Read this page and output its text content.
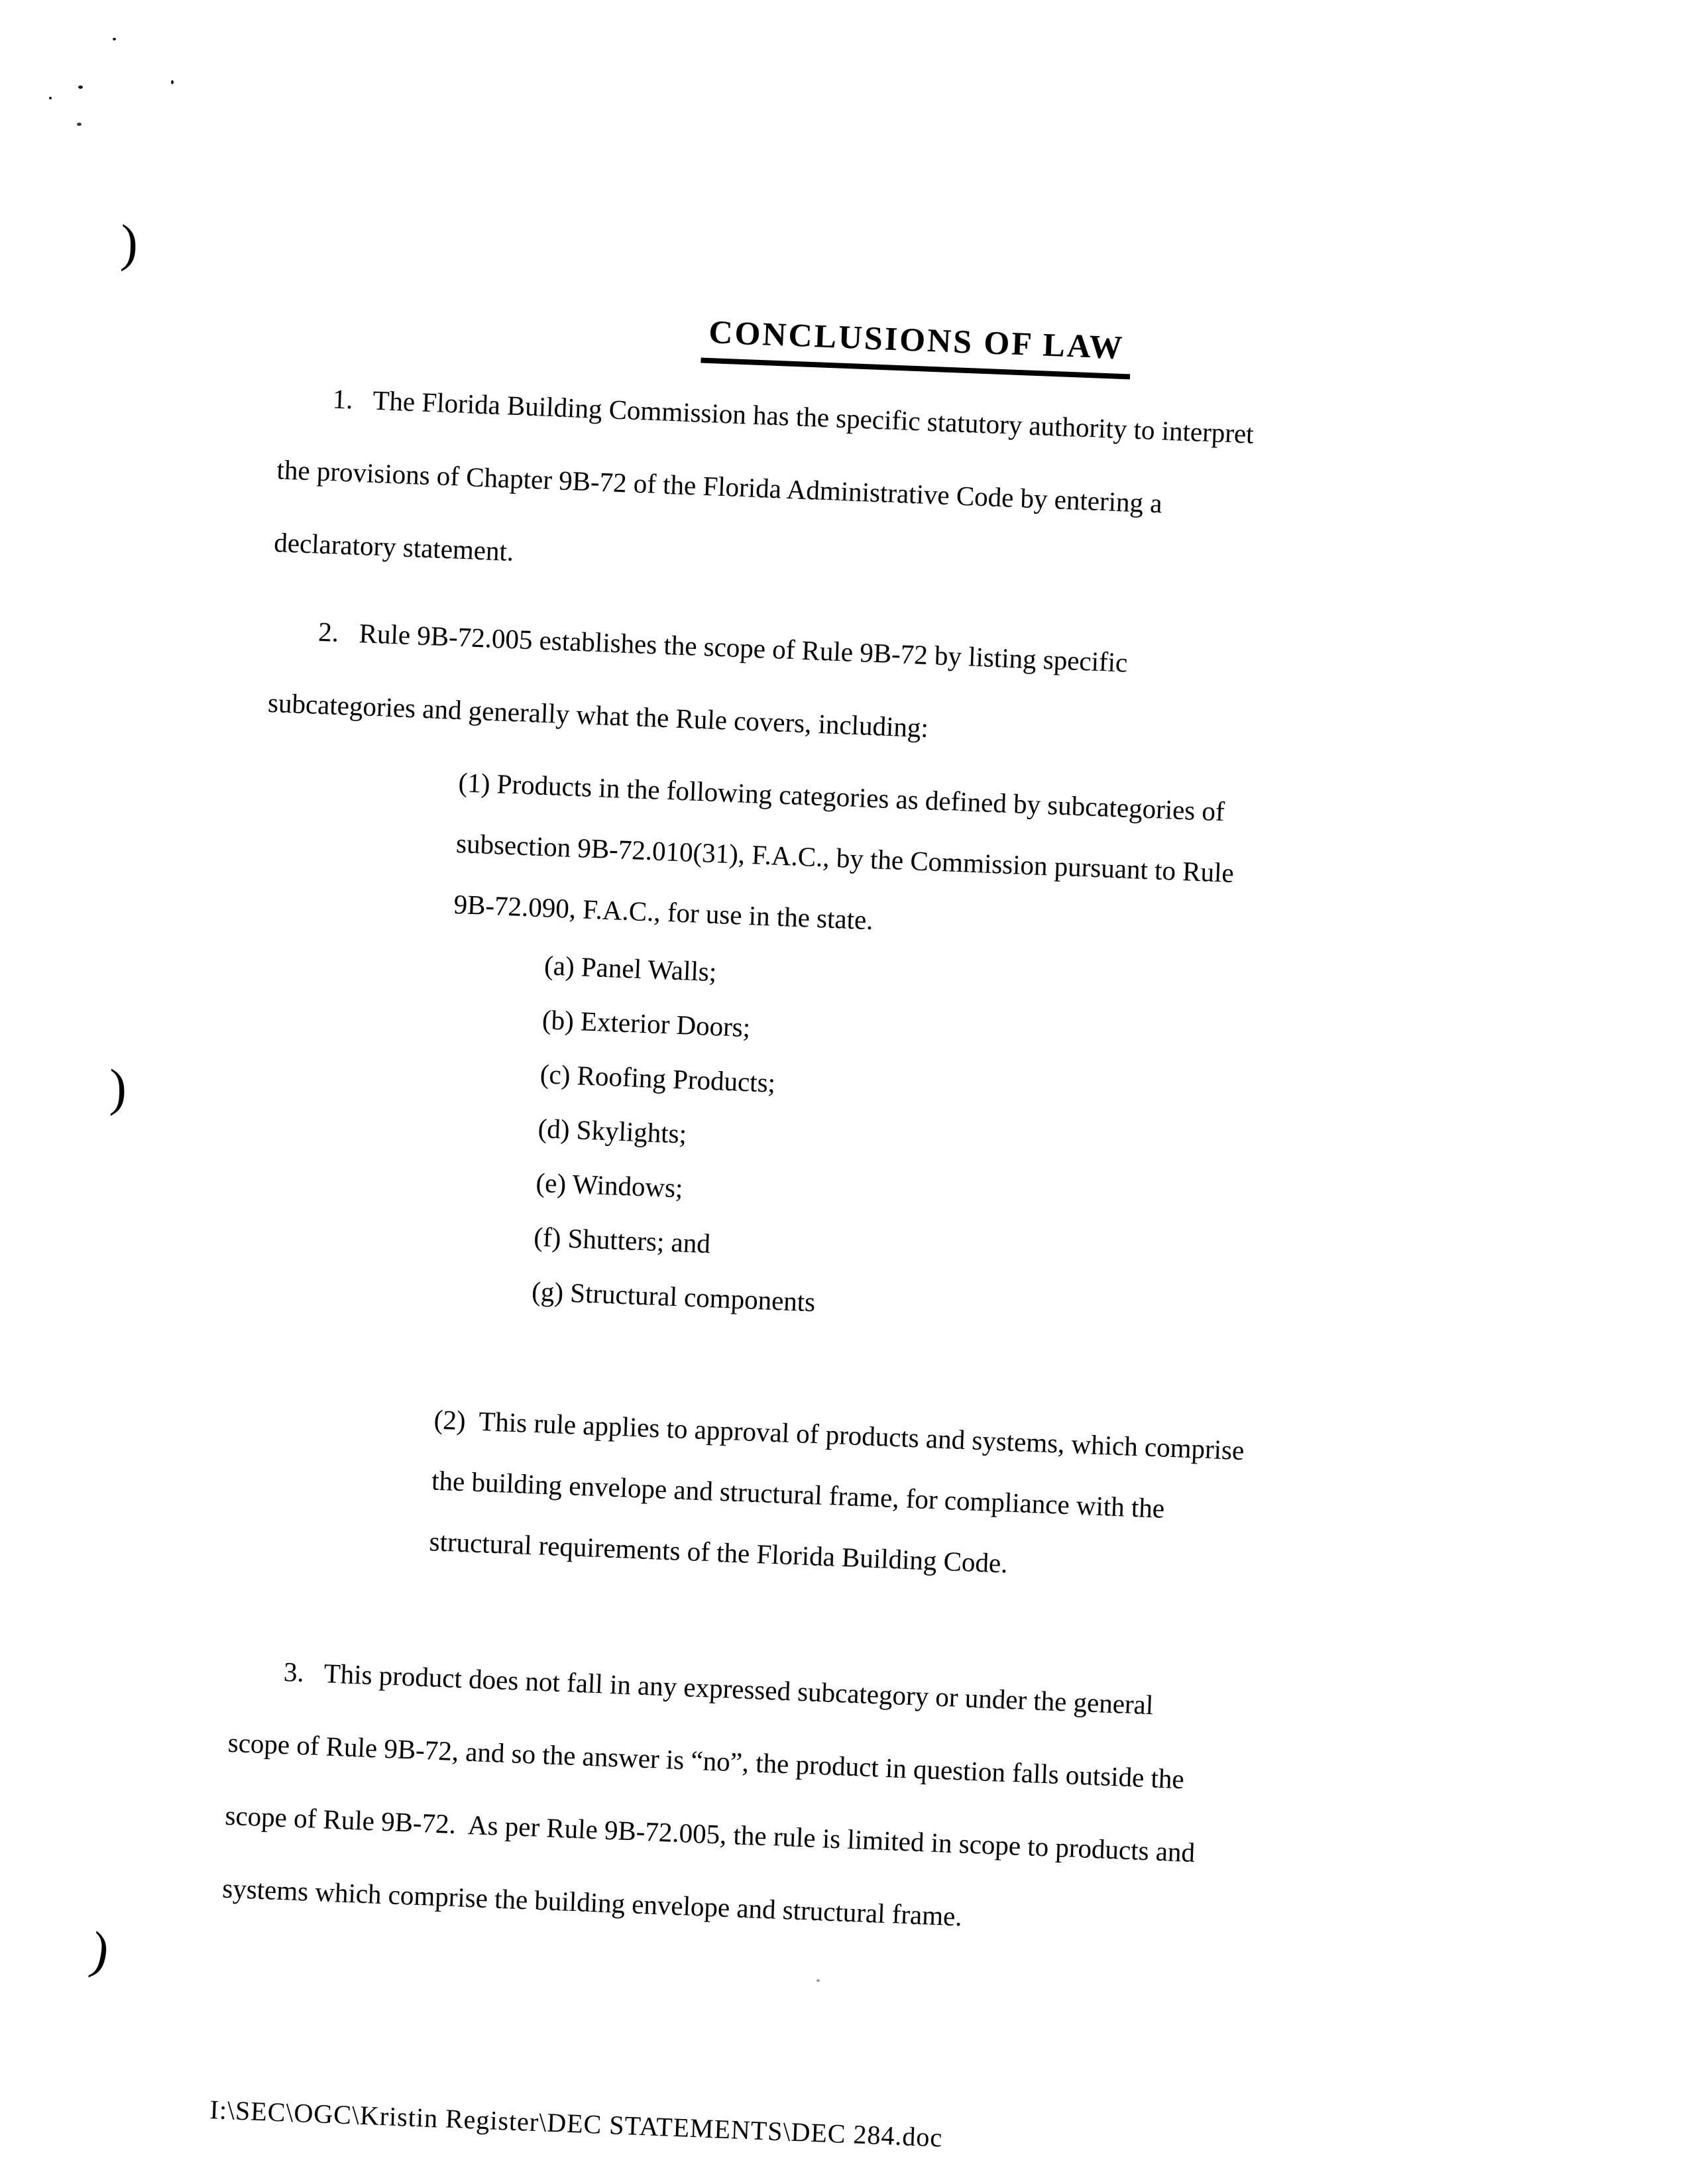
)
)
)
CONCLUSIONS OF LAW
1.   The Florida Building Commission has the specific statutory authority to interpret
the provisions of Chapter 9B-72 of the Florida Administrative Code by entering a
declaratory statement.
2.   Rule 9B-72.005 establishes the scope of Rule 9B-72 by listing specific
subcategories and generally what the Rule covers, including:
(1) Products in the following categories as defined by subcategories of
subsection 9B-72.010(31), F.A.C., by the Commission pursuant to Rule
9B-72.090, F.A.C., for use in the state.
(a) Panel Walls;
(b) Exterior Doors;
(c) Roofing Products;
(d) Skylights;
(e) Windows;
(f) Shutters; and
(g) Structural components
(2)  This rule applies to approval of products and systems, which comprise
the building envelope and structural frame, for compliance with the
structural requirements of the Florida Building Code.
3.   This product does not fall in any expressed subcategory or under the general
scope of Rule 9B-72, and so the answer is “no”, the product in question falls outside the
scope of Rule 9B-72.  As per Rule 9B-72.005, the rule is limited in scope to products and
systems which comprise the building envelope and structural frame.
I:\SEC\OGC\Kristin Register\DEC STATEMENTS\DEC 284.doc
